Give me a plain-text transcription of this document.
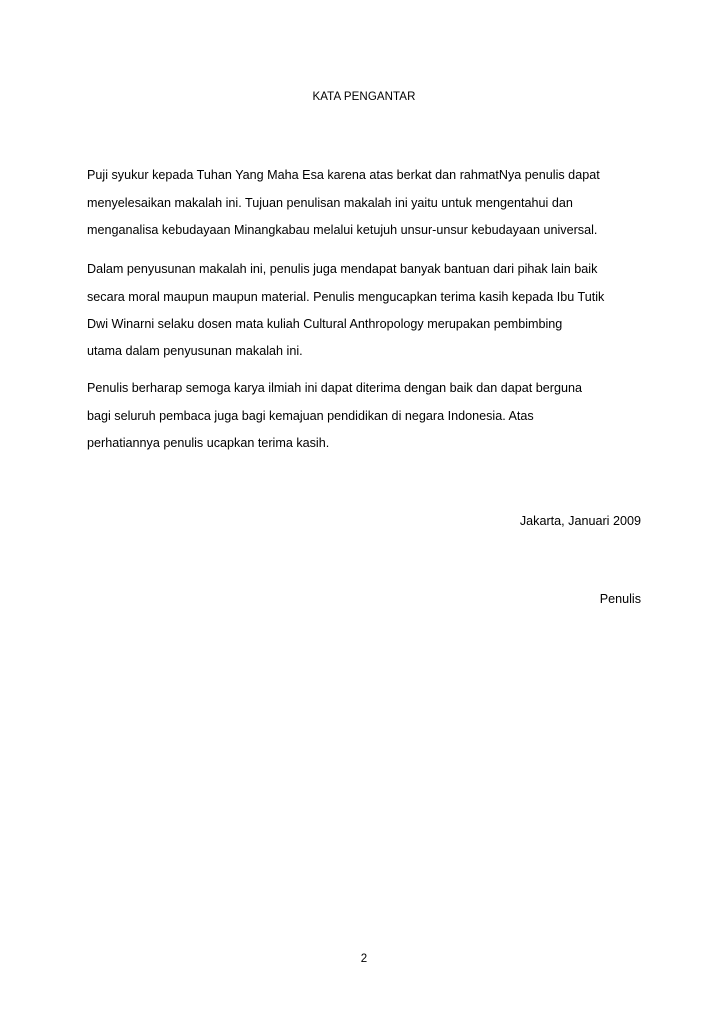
KATA PENGANTAR
Puji syukur kepada Tuhan Yang Maha Esa karena atas berkat dan rahmatNya penulis dapat
menyelesaikan makalah ini. Tujuan penulisan makalah ini yaitu untuk mengentahui dan
menganalisa kebudayaan Minangkabau melalui ketujuh unsur-unsur kebudayaan universal.
Dalam penyusunan makalah ini, penulis juga mendapat banyak bantuan dari pihak lain baik
secara moral maupun maupun material. Penulis mengucapkan terima kasih kepada Ibu Tutik
Dwi Winarni selaku dosen mata kuliah Cultural Anthropology merupakan pembimbing
utama dalam penyusunan makalah ini.
Penulis berharap semoga karya ilmiah ini dapat diterima dengan baik dan dapat berguna
bagi seluruh pembaca juga bagi kemajuan pendidikan di negara Indonesia. Atas
perhatiannya penulis ucapkan terima kasih.
Jakarta, Januari 2009
Penulis
2
